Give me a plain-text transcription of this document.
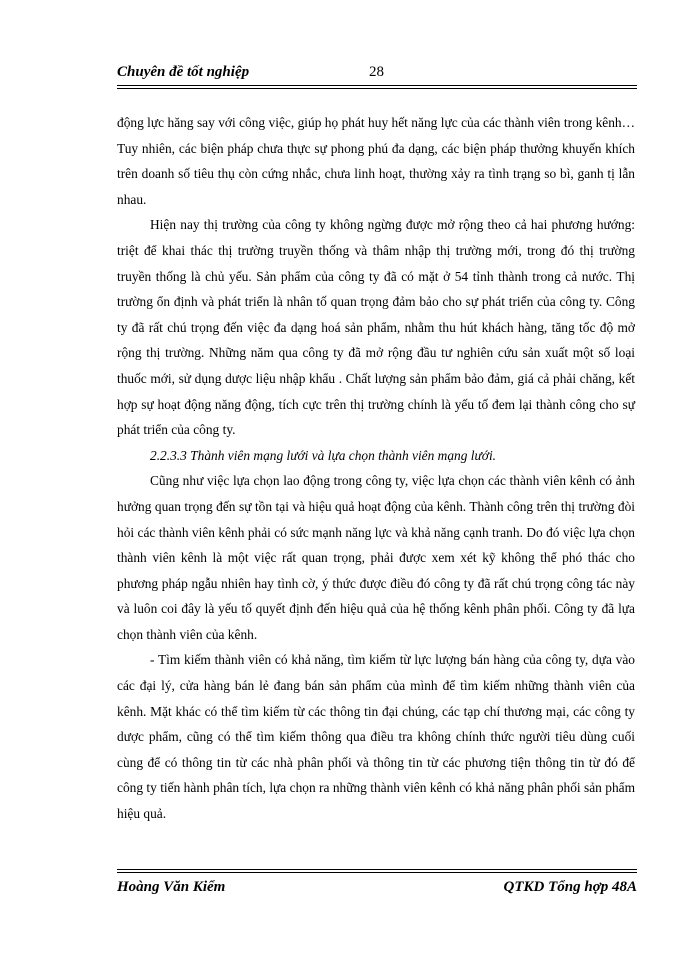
Chuyên đề tốt nghiệp	28

động lực hăng say với công việc, giúp họ phát huy hết năng lực của các thành viên trong kênh… Tuy nhiên, các biện pháp chưa thực sự phong phú đa dạng, các biện pháp thưởng khuyến khích trên doanh số tiêu thụ còn cứng nhắc, chưa linh hoạt, thường xảy ra tình trạng so bì, ganh tị lẫn nhau.

Hiện nay thị trường của công ty không ngừng được mở rộng theo cả hai phương hướng: triệt để khai thác thị trường truyền thống và thâm nhập thị trường mới, trong đó thị trường truyền thống là chủ yếu. Sản phẩm của công ty đã có mặt ở 54 tỉnh thành trong cả nước. Thị trường ổn định và phát triển là nhân tố quan trọng đảm bảo cho sự phát triển của công ty. Công ty đã rất chú trọng đến việc đa dạng hoá sản phẩm, nhằm thu hút khách hàng, tăng tốc độ mở rộng thị trường. Những năm qua công ty đã mở rộng đầu tư nghiên cứu sản xuất một số loại thuốc mới, sử dụng dược liệu nhập khẩu . Chất lượng sản phẩm bảo đảm, giá cả phải chăng, kết hợp sự hoạt động năng động, tích cực trên thị trường chính là yếu tố đem lại thành công cho sự phát triển của công ty.

2.2.3.3 Thành viên mạng lưới và lựa chọn thành viên mạng lưới.

Cũng như việc lựa chọn lao động trong công ty, việc lựa chọn các thành viên kênh có ảnh hưởng quan trọng đến sự tồn tại và hiệu quả hoạt động của kênh. Thành công trên thị trường đòi hỏi các thành viên kênh phải có sức mạnh năng lực và khả năng cạnh tranh. Do đó việc lựa chọn thành viên kênh là một việc rất quan trọng, phải được xem xét kỹ không thể phó thác cho phương pháp ngẫu nhiên hay tình cờ, ý thức được điều đó công ty đã rất chú trọng công tác này và luôn coi đây là yếu tố quyết định đến hiệu quả của hệ thống kênh phân phối. Công ty đã lựa chọn thành viên của kênh.

- Tìm kiếm thành viên có khả năng, tìm kiếm từ lực lượng bán hàng của công ty, dựa vào các đại lý, cửa hàng bán lẻ đang bán sản phẩm của mình để tìm kiếm những thành viên của kênh. Mặt khác có thể tìm kiếm từ các thông tin đại chúng, các tạp chí thương mại, các công ty dược phẩm, cũng có thể tìm kiếm thông qua điều tra không chính thức người tiêu dùng cuối cùng để có thông tin từ các nhà phân phối và thông tin từ các phương tiện thông tin từ đó để công ty tiến hành phân tích, lựa chọn ra những thành viên kênh có khả năng phân phối sản phẩm hiệu quả.

Hoàng Văn Kiểm	QTKD Tổng hợp 48A
